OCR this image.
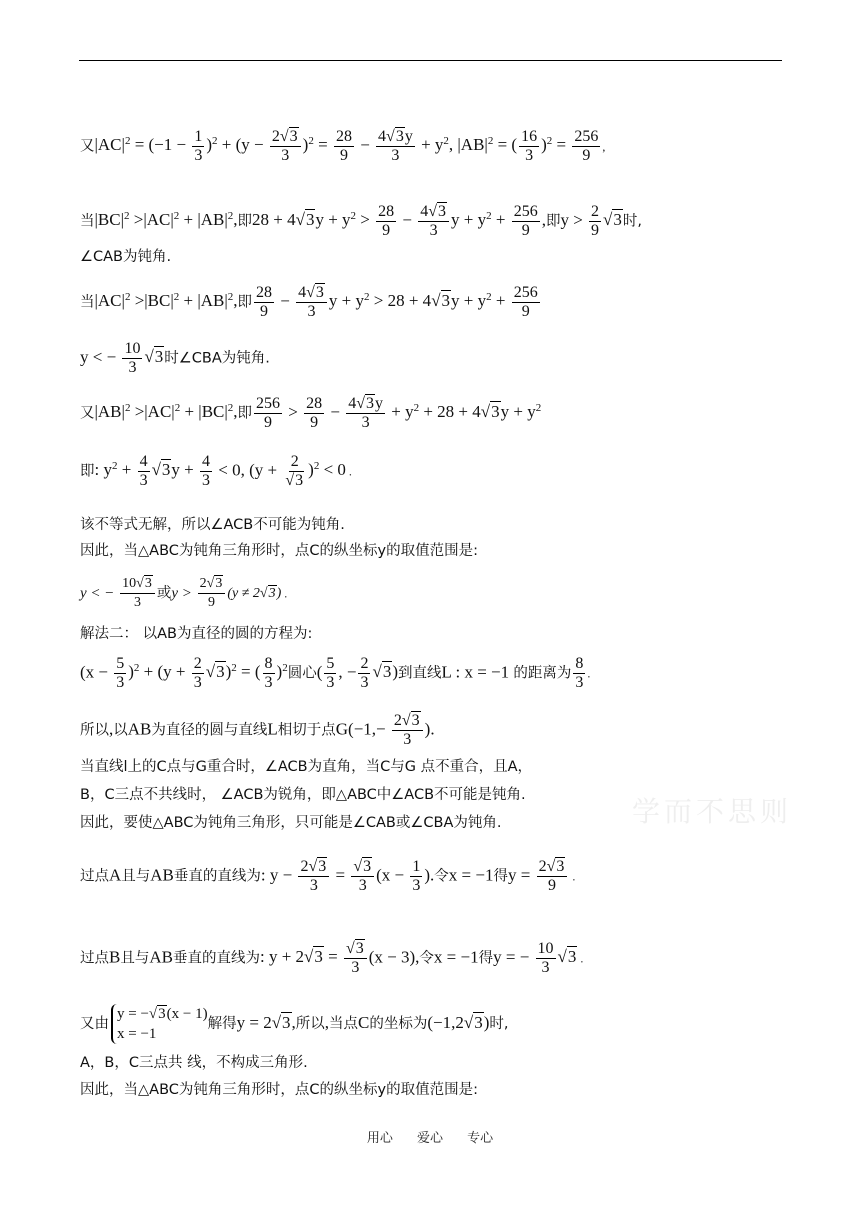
学而不思则
又$|AC|^2 = (-1 - \frac{1}{3} )^2 + (y - \frac{2√3}{3} )^2 = \frac{28}{9} - \frac{4√3y}{3} + y^2$, $|AB|^2$ = ( $\frac{16}{3} )^2 = \frac{256}{9}$ ,
当$|BC|^2 >|AC|^2 + |AB|^2$,即$28 + 4√3y + y^2 > \frac{28}{9} - \frac{4√3}{3}$ $y + y^2 + \frac{256}{9}$ ,即$y > \frac{2}{9} √3$时,
∠CAB为钝角.
当$|AC|^2 >|BC|^2 + |AB|^2$,即 $\frac{28}{9} - \frac{4√3}{3}$ $y + y^2 > 28 + 4√3y + y^2 + \frac{256}{9}$
y < − $\frac{10}{3} √3$时∠CBA为钝角.
又$|AB|^2 >|AC|^2 + |BC|^2$,即 $\frac{256}{9} > \frac{28}{9} - \frac{4√3y}{3} + y^2 + 28 + 4√3y + y^2$
即: $y^2 + \frac{4}{3} √3y + \frac{4}{3} < 0$, $(y + \frac{2}{√3} )^2 < 0$ .
该不等式无解，所以∠ACB不可能为钝角.
因此，当△ABC为钝角三角形时，点C的纵坐标y的取值范围是:
y < − $\frac{10√3}{3}$ 或$y > \frac{2√3}{9} (y \ne 2√3)$ .
解法二： 以AB为直径的圆的方程为:
$(x - \frac{5}{3} )^2 + (y + \frac{2}{3} √3)^2$ = ( $\frac{8}{3} )^2$圆心( $\frac{5}{3}$ , − $\frac{2}{3} √3$)到直线L : x = −1 的距离为 $\frac{8}{3}$ .
所以,以AB为直径的圆与直线L相切于点$G(-1,- \frac{2√3}{3}$ ).
当直线l上的C点与G重合时，∠ACB为直角，当C与G 点不重合，且A，
B，C三点不共线时， ∠ACB为锐角，即△ABC中∠ACB不可能是钝角.
因此，要使△ABC为钝角三角形，只可能是∠CAB或∠CBA为钝角.
过点A且与AB垂直的直线为: $y - \frac{2√3}{3} = \frac{√3}{3} (x - \frac{1}{3}$ ).令x = −1得$y = \frac{2√3}{9}$ .
过点B且与AB垂直的直线为: $y + 2√3 = \frac{√3}{3} (x - 3)$,令x = −1得y = − $\frac{10}{3} √3$ .
又由
y = −√3(x − 1)
x = −1
解得y = 2√3,所以,当点C的坐标为(−1,2√3)时,
A，B，C三点共 线，不构成三角形.
因此，当△ABC为钝角三角形时，点C的纵坐标y的取值范围是:
用心 爱心 专心
